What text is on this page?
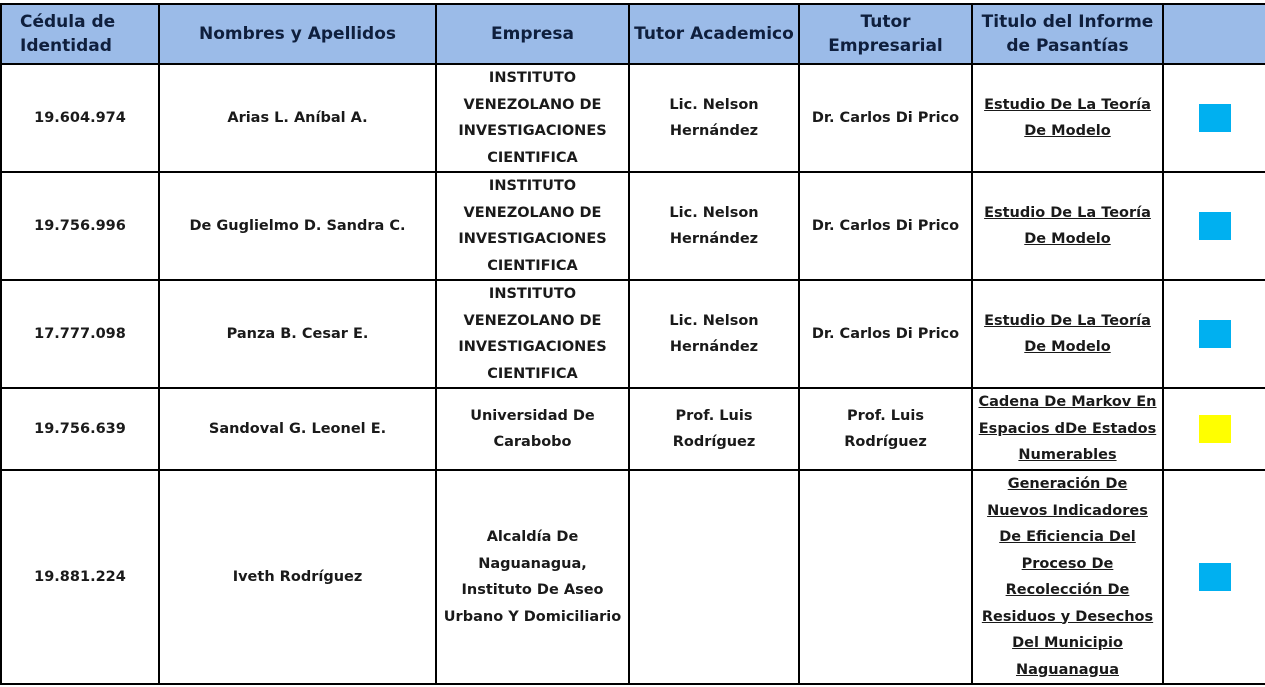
Cédula de Identidad	Nombres y Apellidos	Empresa	Tutor Academico	Tutor Empresarial	Titulo del Informe de Pasantías	
19.604.974	Arias L. Aníbal A.	INSTITUTO VENEZOLANO DE INVESTIGACIONES CIENTIFICA	Lic. Nelson Hernández	Dr. Carlos Di Prico	Estudio De La Teoría De Modelo	
19.756.996	De Guglielmo D. Sandra C.	INSTITUTO VENEZOLANO DE INVESTIGACIONES CIENTIFICA	Lic. Nelson Hernández	Dr. Carlos Di Prico	Estudio De La Teoría De Modelo	
17.777.098	Panza B. Cesar E.	INSTITUTO VENEZOLANO DE INVESTIGACIONES CIENTIFICA	Lic. Nelson Hernández	Dr. Carlos Di Prico	Estudio De La Teoría De Modelo	
19.756.639	Sandoval G. Leonel E.	Universidad De Carabobo	Prof. Luis Rodríguez	Prof. Luis Rodríguez	Cadena De Markov En Espacios dDe Estados Numerables	
19.881.224	Iveth Rodríguez	Alcaldía De Naguanagua, Instituto De Aseo Urbano Y Domiciliario			Generación De Nuevos Indicadores De Eficiencia Del Proceso De Recolección De Residuos y Desechos Del Municipio Naguanagua	
